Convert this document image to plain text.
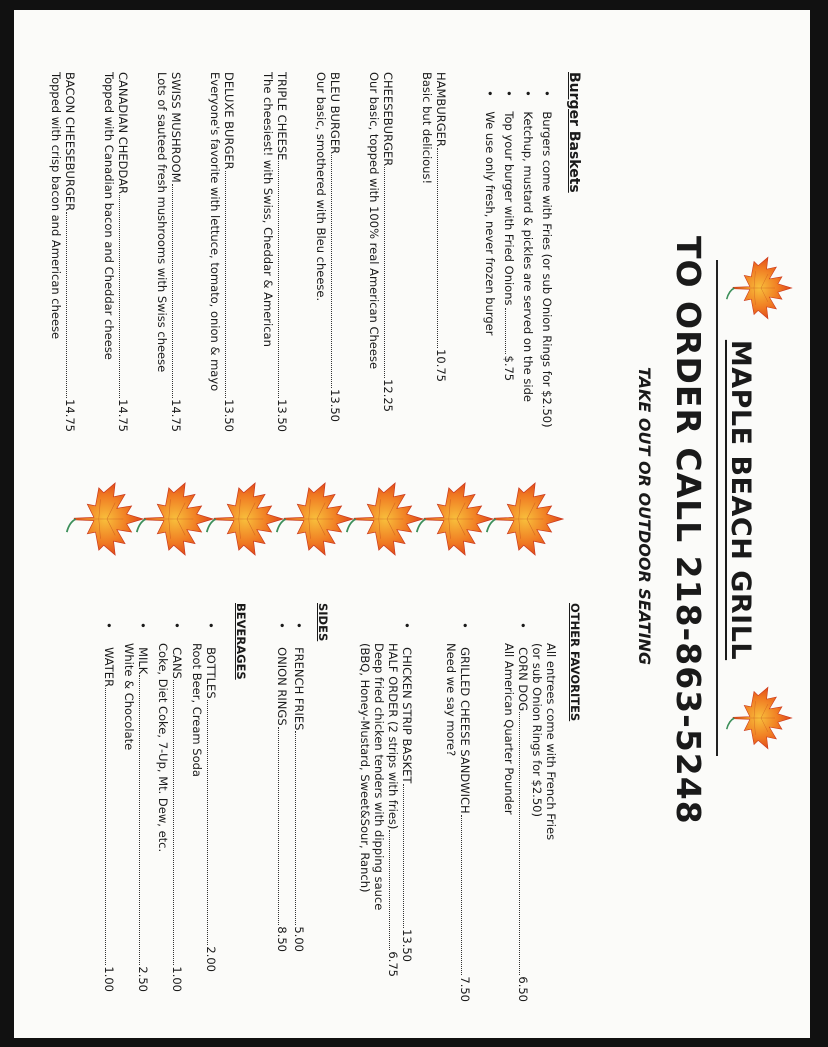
MAPLE BEACH GRILL
TO ORDER CALL 218-863-5248
TAKE OUT OR OUTDOOR SEATING
Burger Baskets
•    Burgers come with Fries (or sub Onion Rings for $2.50)
•    Ketchup, mustard & pickles are served on the side
•    Top your burger with Fried Onions$.75
•    We use only fresh, never frozen burger
HAMBURGER
10.75
Basic but delicious!
CHEESEBURGER
12.25
Our basic, topped with 100% real American Cheese
BLEU BURGER
13.50
Our basic, smothered with Bleu cheese.
TRIPLE CHEESE
13.50
The cheesiest! with Swiss, Cheddar & American
DELUXE BURGER
13.50
Everyone's favorite with lettuce, tomato, onion & mayo
SWISS MUSHROOM
14.75
Lots of sauteed fresh mushrooms with Swiss cheese
CANADIAN CHEDDAR
14.75
Topped with Canadian bacon and Cheddar cheese
BACON CHEESEBURGER
14.75
Topped with crisp bacon and American cheese
OTHER FAVORITES
All entrees come with French Fries
(or sub Onion Rings for $2.50)
•
CORN DOG
6.50
All American Quarter Pounder
•
GRILLED CHEESE SANDWICH
7.50
Need we say more?
•
CHICKEN STRIP BASKET
13.50
HALF ORDER (2 strips with fries)
6.75
Deep fried chicken tenders with dipping sauce
(BBQ, Honey-Mustard, Sweet&Sour, Ranch)
SIDES
•
FRENCH FRIES
5.00
•
ONION RINGS
8.50
BEVERAGES
•
BOTTLES
2.00
Root Beer, Cream Soda
•
CANS
1.00
Coke, Diet Coke, 7-Up, Mt. Dew, etc.
•
MILK
2.50
White & Chocolate
•
WATER
1.00
